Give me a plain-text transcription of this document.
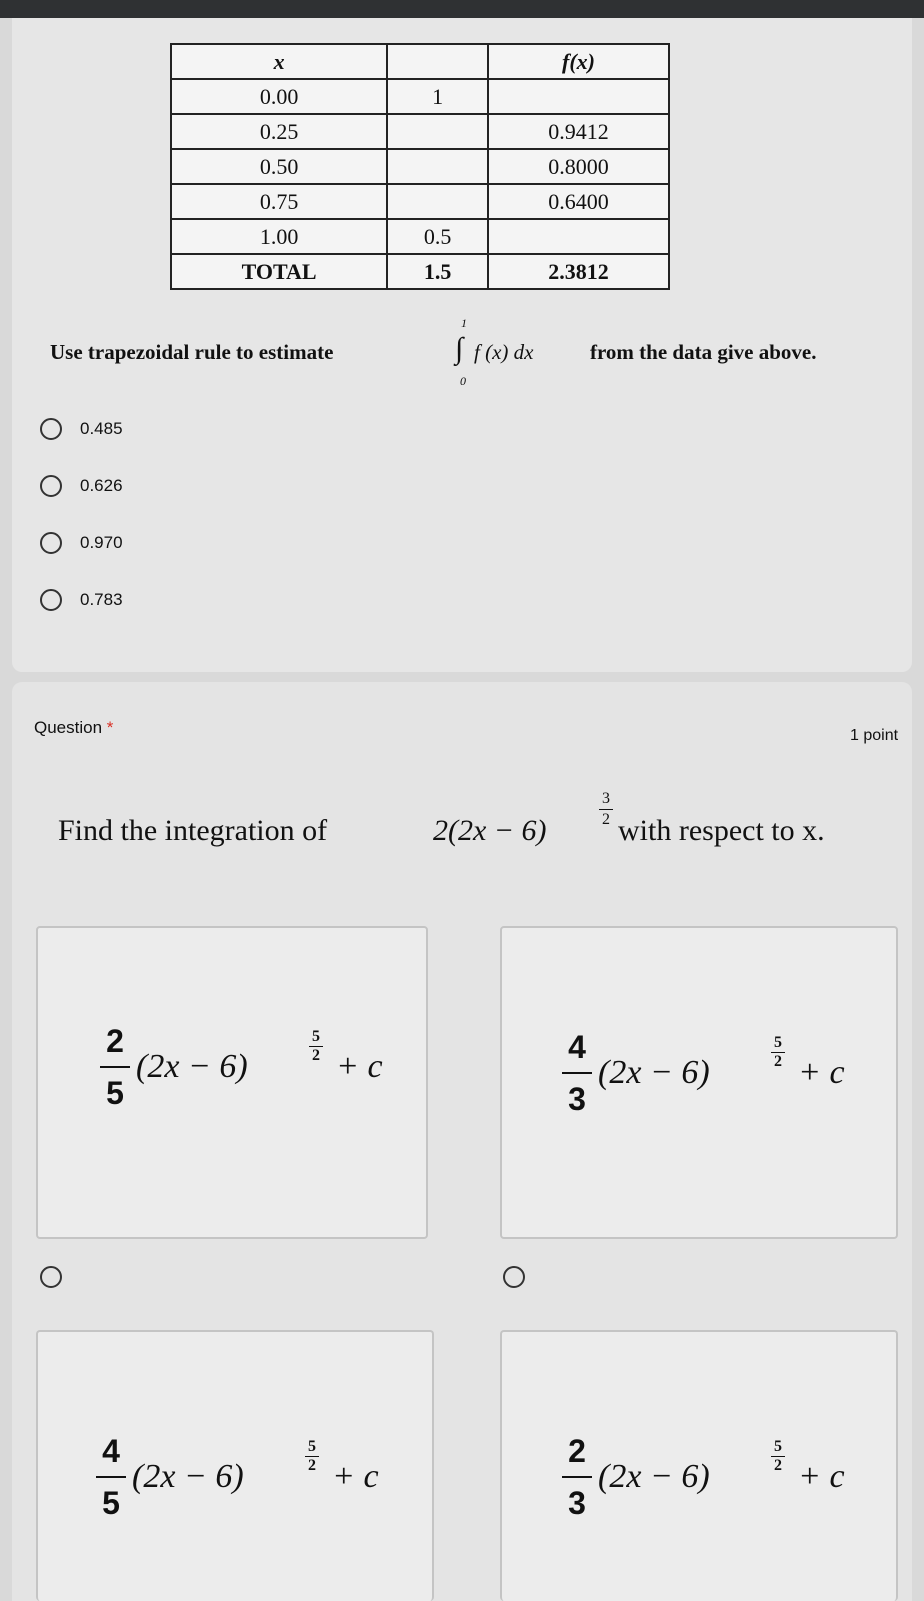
x		f(x)
0.00	1	
0.25		0.9412
0.50		0.8000
0.75		0.6400
1.00	0.5	
TOTAL	1.5	2.3812
Use trapezoidal rule to estimate
1
∫
0
f (x) dx	from the data give above.
0.485
0.626
0.970
0.783
Question *	1 point
Find the integration of	2(2x − 6)
3
2 with respect to x.
2
5
(2x − 6)
5
2 + c
4
3
(2x − 6)
5
2 + c
4
5
(2x − 6)
5
2 + c
2
3
(2x − 6)
5
2 + c
